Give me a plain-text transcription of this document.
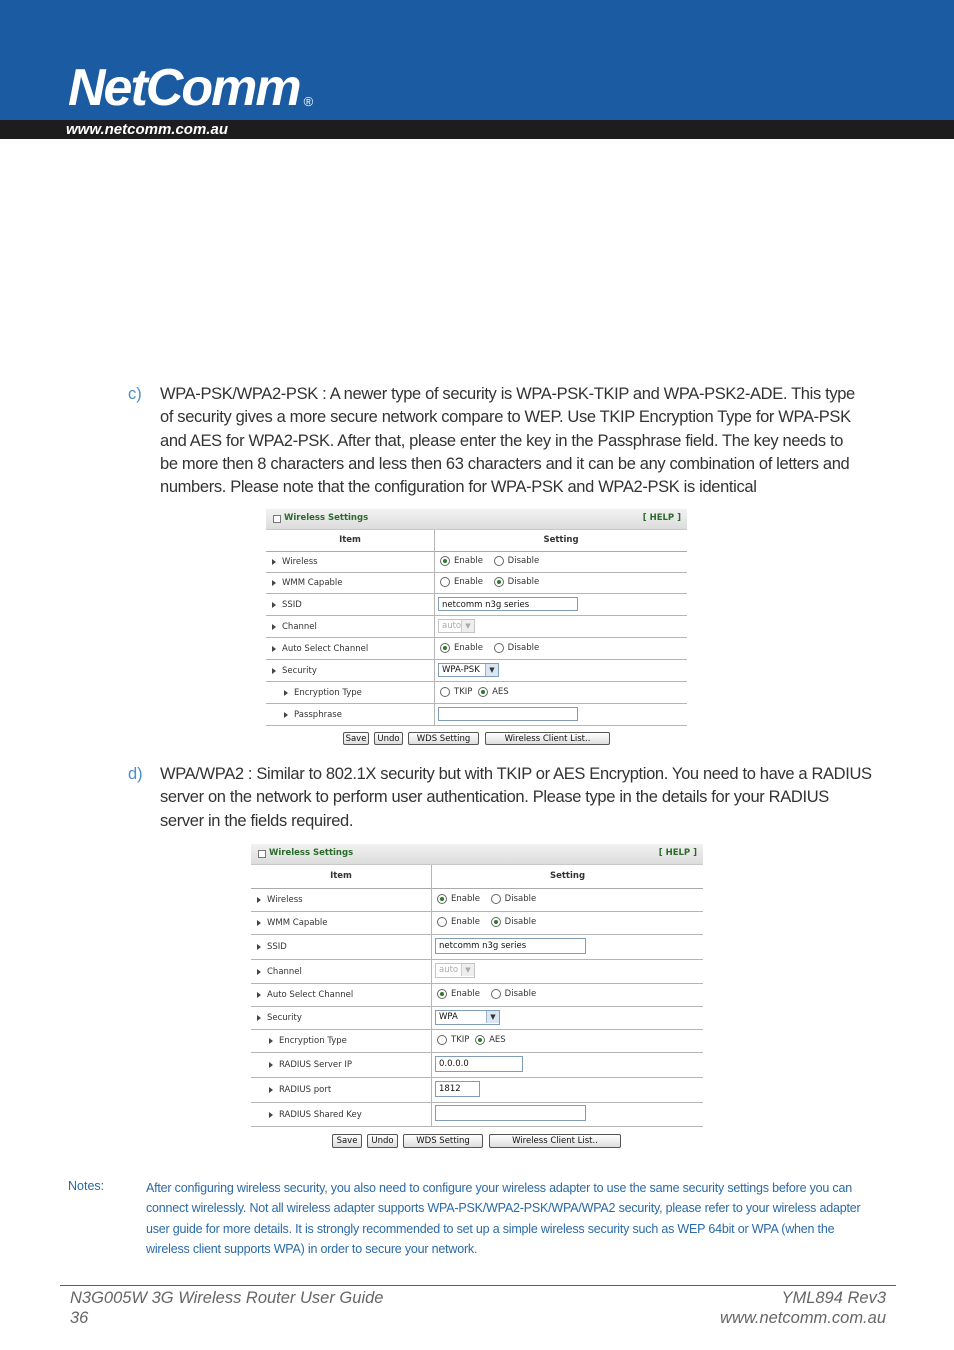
NetComm ®
www.netcomm.com.au
c) WPA-PSK/WPA2-PSK : A newer type of security is WPA-PSK-TKIP and WPA-PSK2-ADE. This type
of security gives a more secure network compare to WEP. Use TKIP Encryption Type for WPA-PSK
and AES for WPA2-PSK. After that, please enter the key in the Passphrase field. The key needs to
be more then 8 characters and less then 63 characters and it can be any combination of letters and
numbers. Please note that the configuration for WPA-PSK and WPA2-PSK is identical
Wireless Settings	[ HELP ]
Item	Setting
Wireless	Enable	Disable
WMM Capable	Enable	Disable
SSID	netcomm n3g series
Channel	auto ▼
Auto Select Channel	Enable	Disable
Security	WPA-PSK	▼
Encryption Type	TKIP AES
Passphrase
Save	Undo	WDS Setting	Wireless Client List..
d) WPA/WPA2 : Similar to 802.1X security but with TKIP or AES Encryption. You need to have a RADIUS
server on the network to perform user authentication. Please type in the details for your RADIUS
server in the fields required.
Wireless Settings	[ HELP ]
Item	Setting
Wireless	Enable	Disable
WMM Capable	Enable	Disable
SSID	netcomm n3g series
Channel	auto	▼
Auto Select Channel	Enable	Disable
Security	WPA	▼
Encryption Type	TKIP AES
RADIUS Server IP	0.0.0.0
RADIUS port	1812
RADIUS Shared Key
Save	Undo	WDS Setting	Wireless Client List..
Notes:	After configuring wireless security, you also need to configure your wireless adapter to use the same security settings before you can
connect wirelessly. Not all wireless adapter supports WPA-PSK/WPA2-PSK/WPA/WPA2 security, please refer to your wireless adapter
user guide for more details. It is strongly recommended to set up a simple wireless security such as WEP 64bit or WPA (when the
wireless client supports WPA) in order to secure your network.
N3G005W 3G Wireless Router User Guide
36
YML894 Rev3
www.netcomm.com.au
